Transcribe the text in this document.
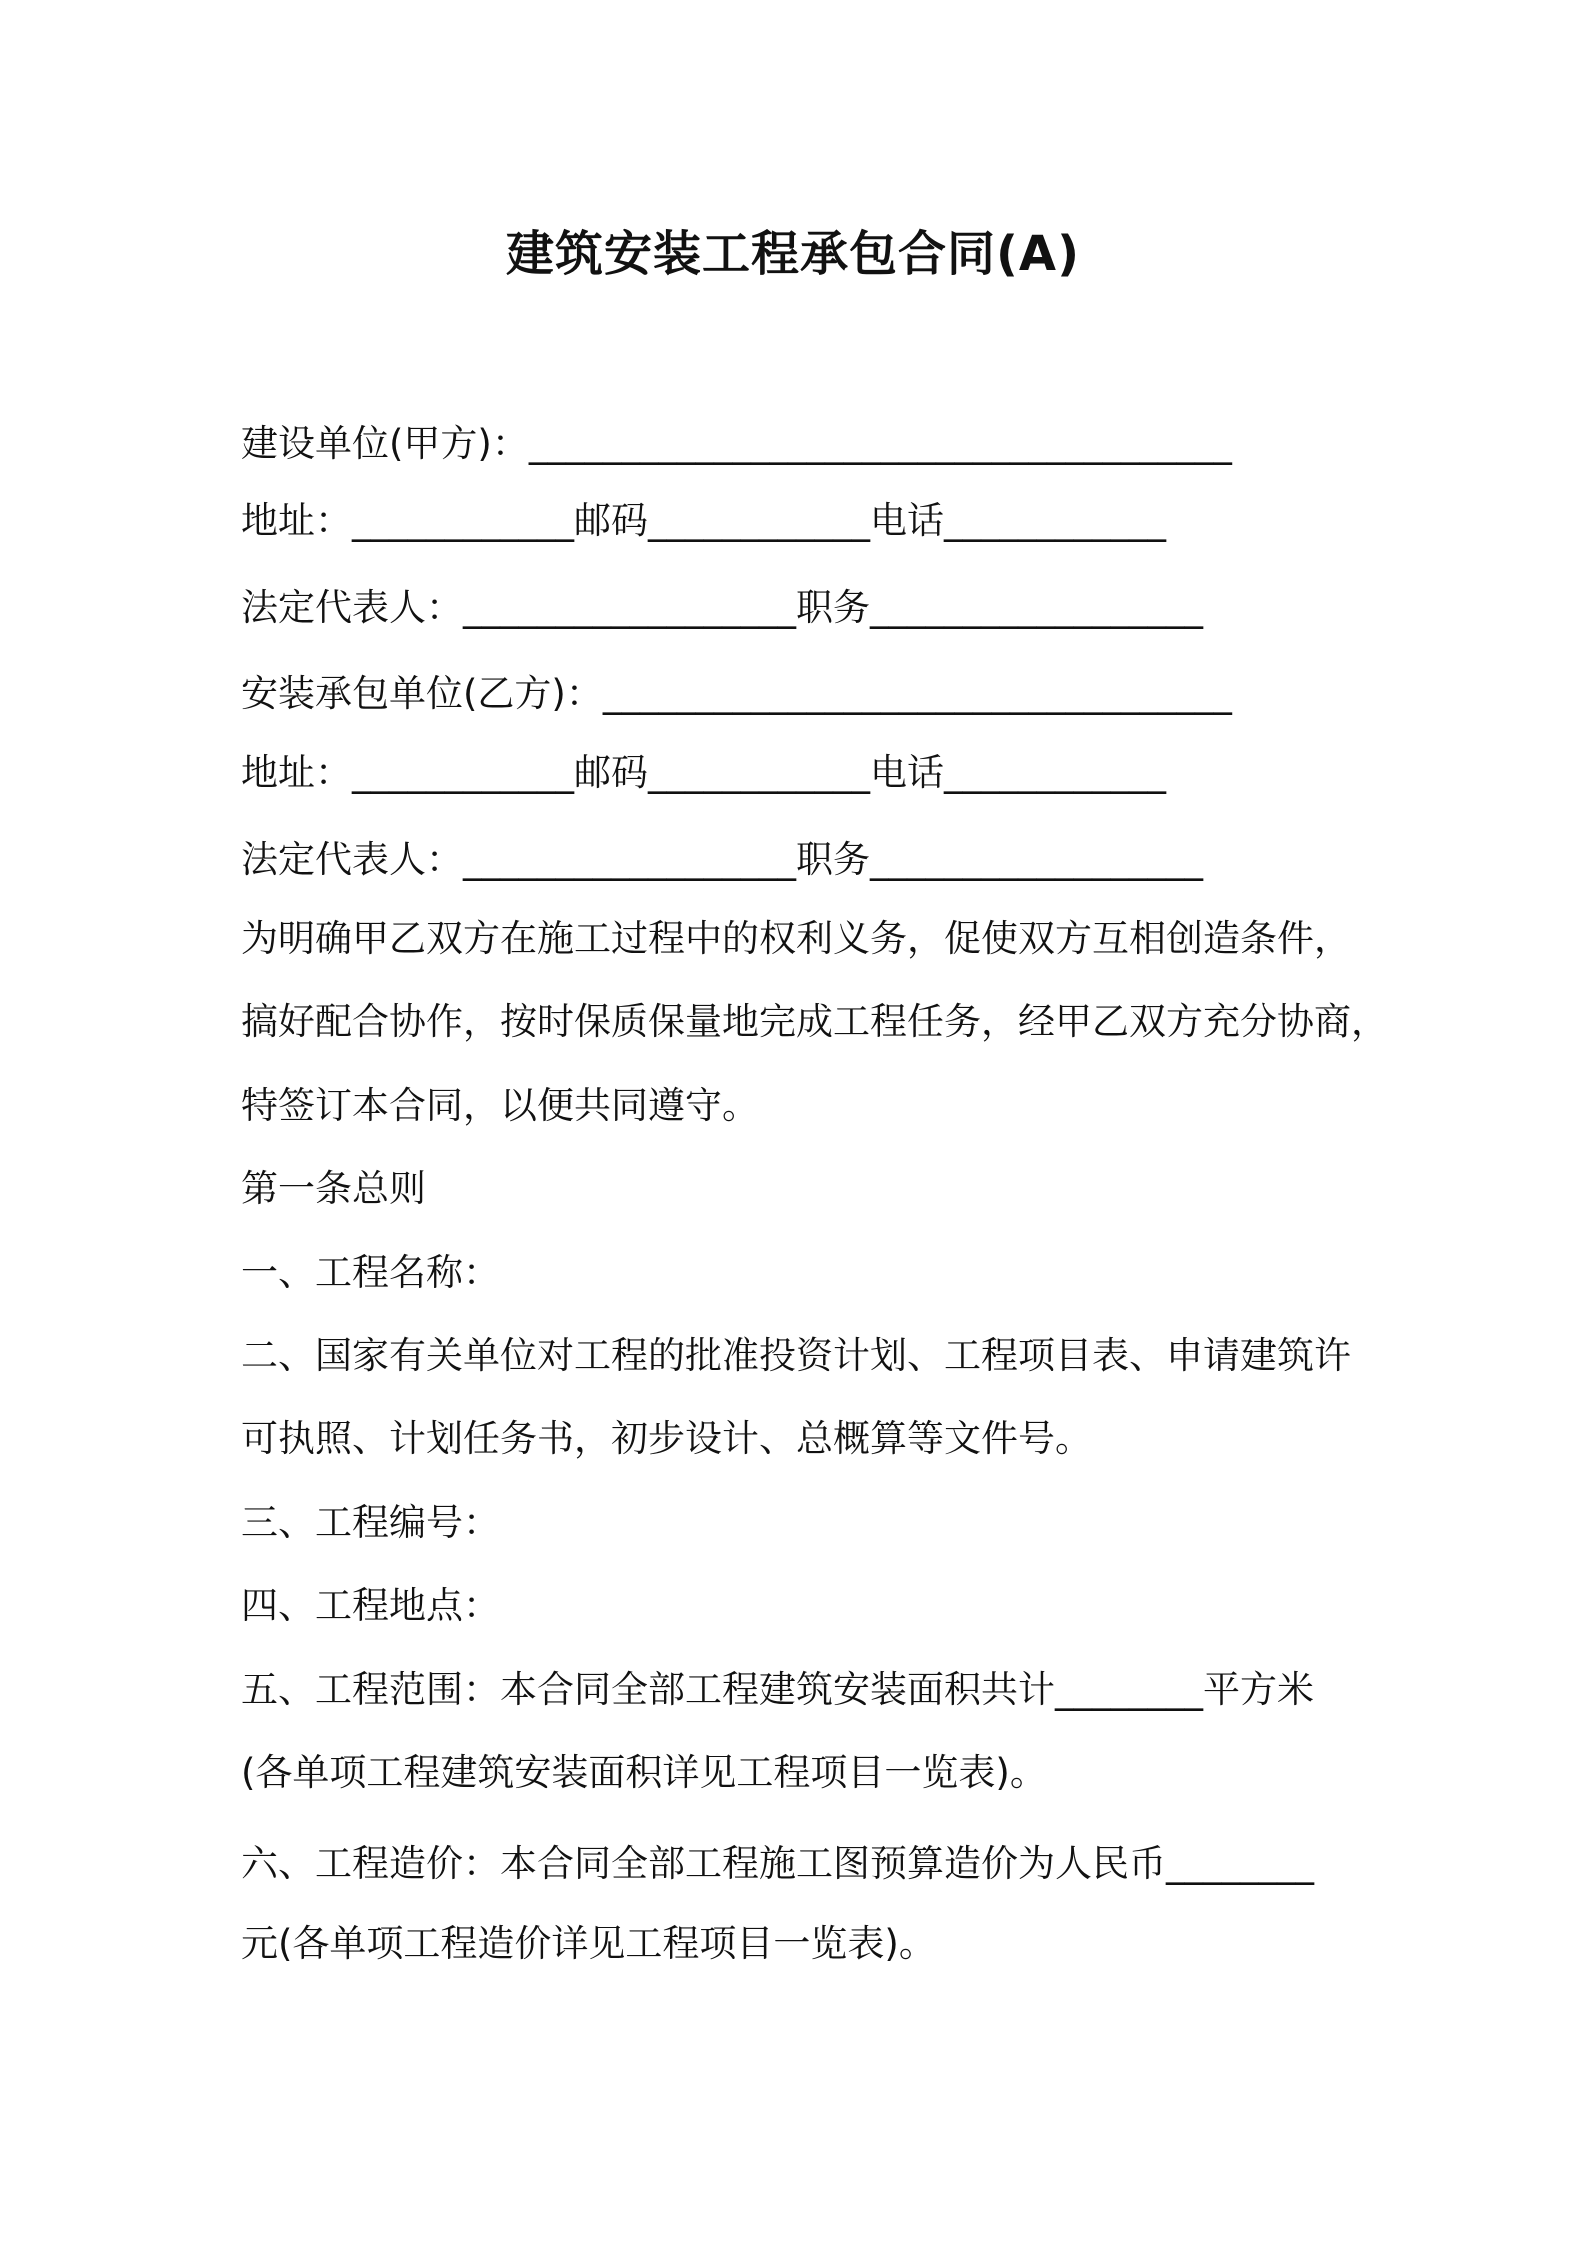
建筑安装工程承包合同(A)
建设单位(甲方)：______________________________________
地址：____________邮码____________电话____________
法定代表人：__________________职务__________________
安装承包单位(乙方)：__________________________________
地址：____________邮码____________电话____________
法定代表人：__________________职务__________________
为明确甲乙双方在施工过程中的权利义务，促使双方互相创造条件，
搞好配合协作，按时保质保量地完成工程任务，经甲乙双方充分协商，
特签订本合同，以便共同遵守。
第一条总则
一、工程名称：
二、国家有关单位对工程的批准投资计划、工程项目表、申请建筑许
可执照、计划任务书，初步设计、总概算等文件号。
三、工程编号：
四、工程地点：
五、工程范围：本合同全部工程建筑安装面积共计________平方米
(各单项工程建筑安装面积详见工程项目一览表)。
六、工程造价：本合同全部工程施工图预算造价为人民币________
元(各单项工程造价详见工程项目一览表)。
